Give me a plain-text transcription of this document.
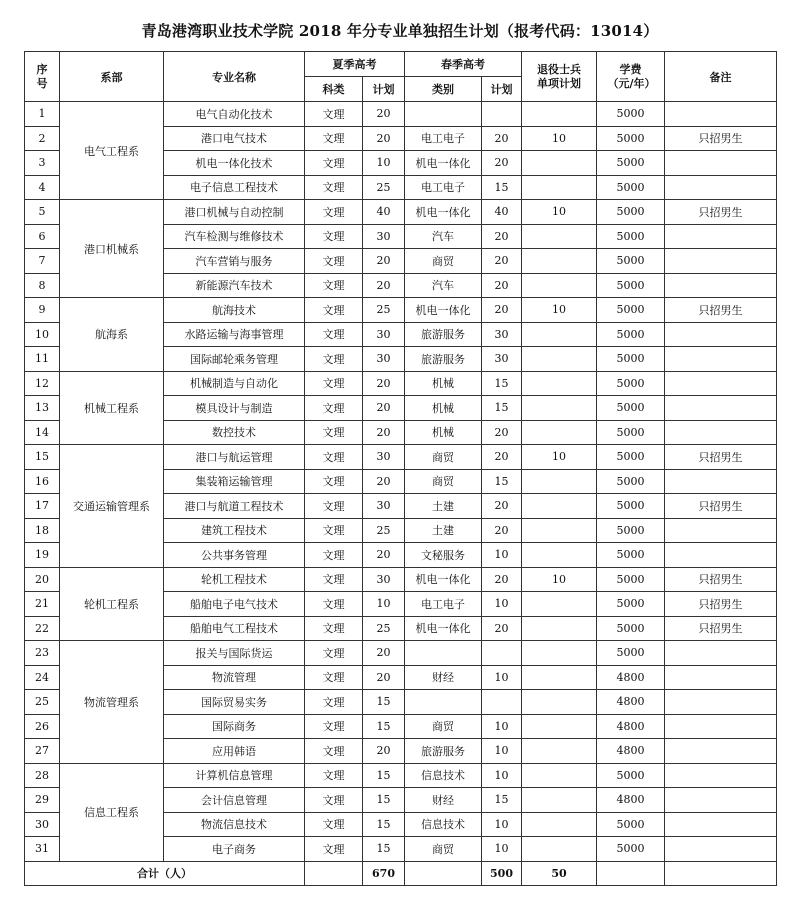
青岛港湾职业技术学院 2018 年分专业单独招生计划（报考代码：13014）
序号	系部	专业名称	夏季高考		春季高考		退役士兵单项计划	学费（元/年）	备注
			科类	计划	类别	计划			
1	电气工程系	电气自动化技术	文理	20				5000	
2		港口电气技术	文理	20	电工电子	20	10	5000	只招男生
3		机电一体化技术	文理	10	机电一体化	20		5000	
4		电子信息工程技术	文理	25	电工电子	15		5000	
5	港口机械系	港口机械与自动控制	文理	40	机电一体化	40	10	5000	只招男生
6		汽车检测与维修技术	文理	30	汽车	20		5000	
7		汽车营销与服务	文理	20	商贸	20		5000	
8		新能源汽车技术	文理	20	汽车	20		5000	
9	航海系	航海技术	文理	25	机电一体化	20	10	5000	只招男生
10		水路运输与海事管理	文理	30	旅游服务	30		5000	
11		国际邮轮乘务管理	文理	30	旅游服务	30		5000	
12	机械工程系	机械制造与自动化	文理	20	机械	15		5000	
13		模具设计与制造	文理	20	机械	15		5000	
14		数控技术	文理	20	机械	20		5000	
15	交通运输管理系	港口与航运管理	文理	30	商贸	20	10	5000	只招男生
16		集装箱运输管理	文理	20	商贸	15		5000	
17		港口与航道工程技术	文理	30	土建	20		5000	只招男生
18		建筑工程技术	文理	25	土建	20		5000	
19		公共事务管理	文理	20	文秘服务	10		5000	
20	轮机工程系	轮机工程技术	文理	30	机电一体化	20	10	5000	只招男生
21		船舶电子电气技术	文理	10	电工电子	10		5000	只招男生
22		船舶电气工程技术	文理	25	机电一体化	20		5000	只招男生
23	物流管理系	报关与国际货运	文理	20				5000	
24		物流管理	文理	20	财经	10		4800	
25		国际贸易实务	文理	15				4800	
26		国际商务	文理	15	商贸	10		4800	
27		应用韩语	文理	20	旅游服务	10		4800	
28	信息工程系	计算机信息管理	文理	15	信息技术	10		5000	
29		会计信息管理	文理	15	财经	15		4800	
30		物流信息技术	文理	15	信息技术	10		5000	
31		电子商务	文理	15	商贸	10		5000	
合计（人）				670		500	50		
